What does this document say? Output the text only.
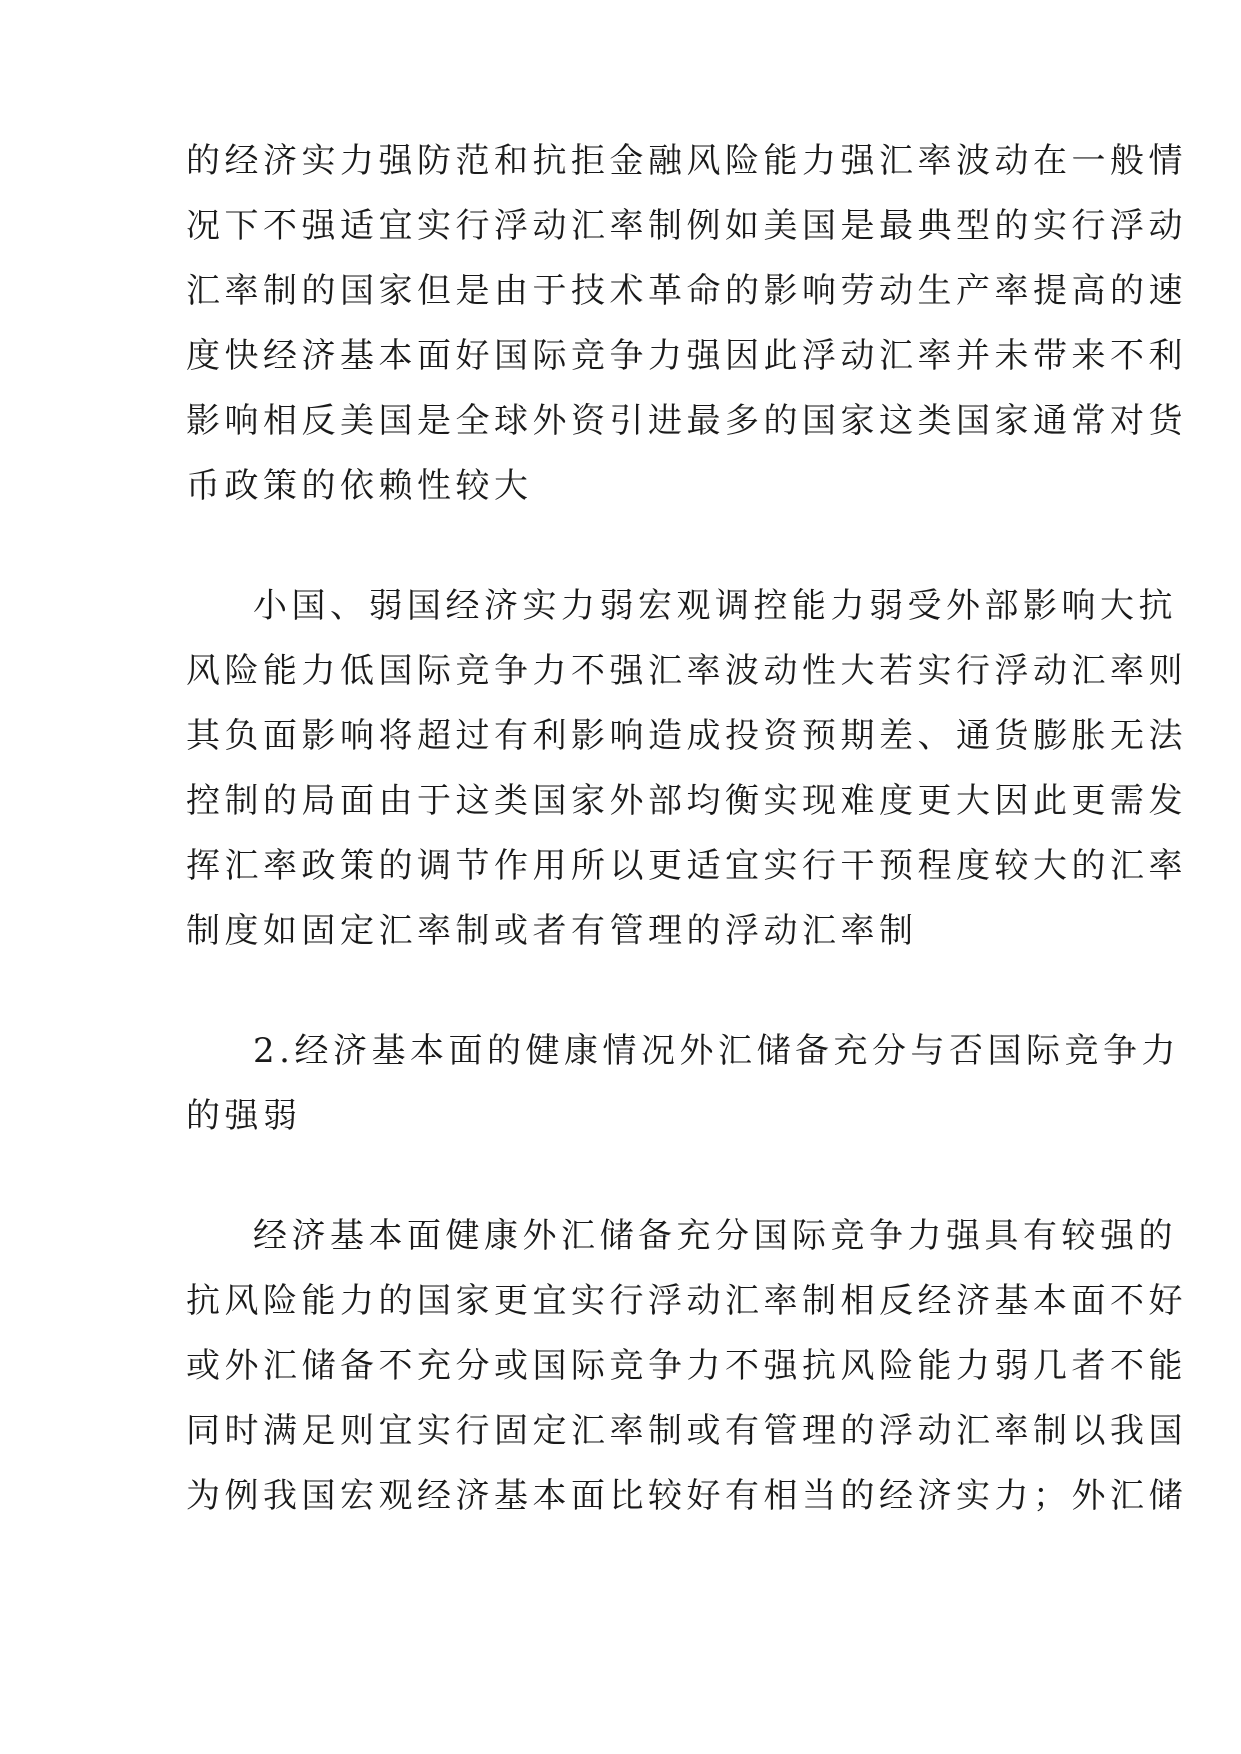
的经济实力强防范和抗拒金融风险能力强汇率波动在一般情
况下不强适宜实行浮动汇率制例如美国是最典型的实行浮动
汇率制的国家但是由于技术革命的影响劳动生产率提高的速
度快经济基本面好国际竞争力强因此浮动汇率并未带来不利
影响相反美国是全球外资引进最多的国家这类国家通常对货
币政策的依赖性较大
小国、弱国经济实力弱宏观调控能力弱受外部影响大抗
风险能力低国际竞争力不强汇率波动性大若实行浮动汇率则
其负面影响将超过有利影响造成投资预期差、通货膨胀无法
控制的局面由于这类国家外部均衡实现难度更大因此更需发
挥汇率政策的调节作用所以更适宜实行干预程度较大的汇率
制度如固定汇率制或者有管理的浮动汇率制
2.经济基本面的健康情况外汇储备充分与否国际竞争力
的强弱
经济基本面健康外汇储备充分国际竞争力强具有较强的
抗风险能力的国家更宜实行浮动汇率制相反经济基本面不好
或外汇储备不充分或国际竞争力不强抗风险能力弱几者不能
同时满足则宜实行固定汇率制或有管理的浮动汇率制以我国
为例我国宏观经济基本面比较好有相当的经济实力；外汇储
